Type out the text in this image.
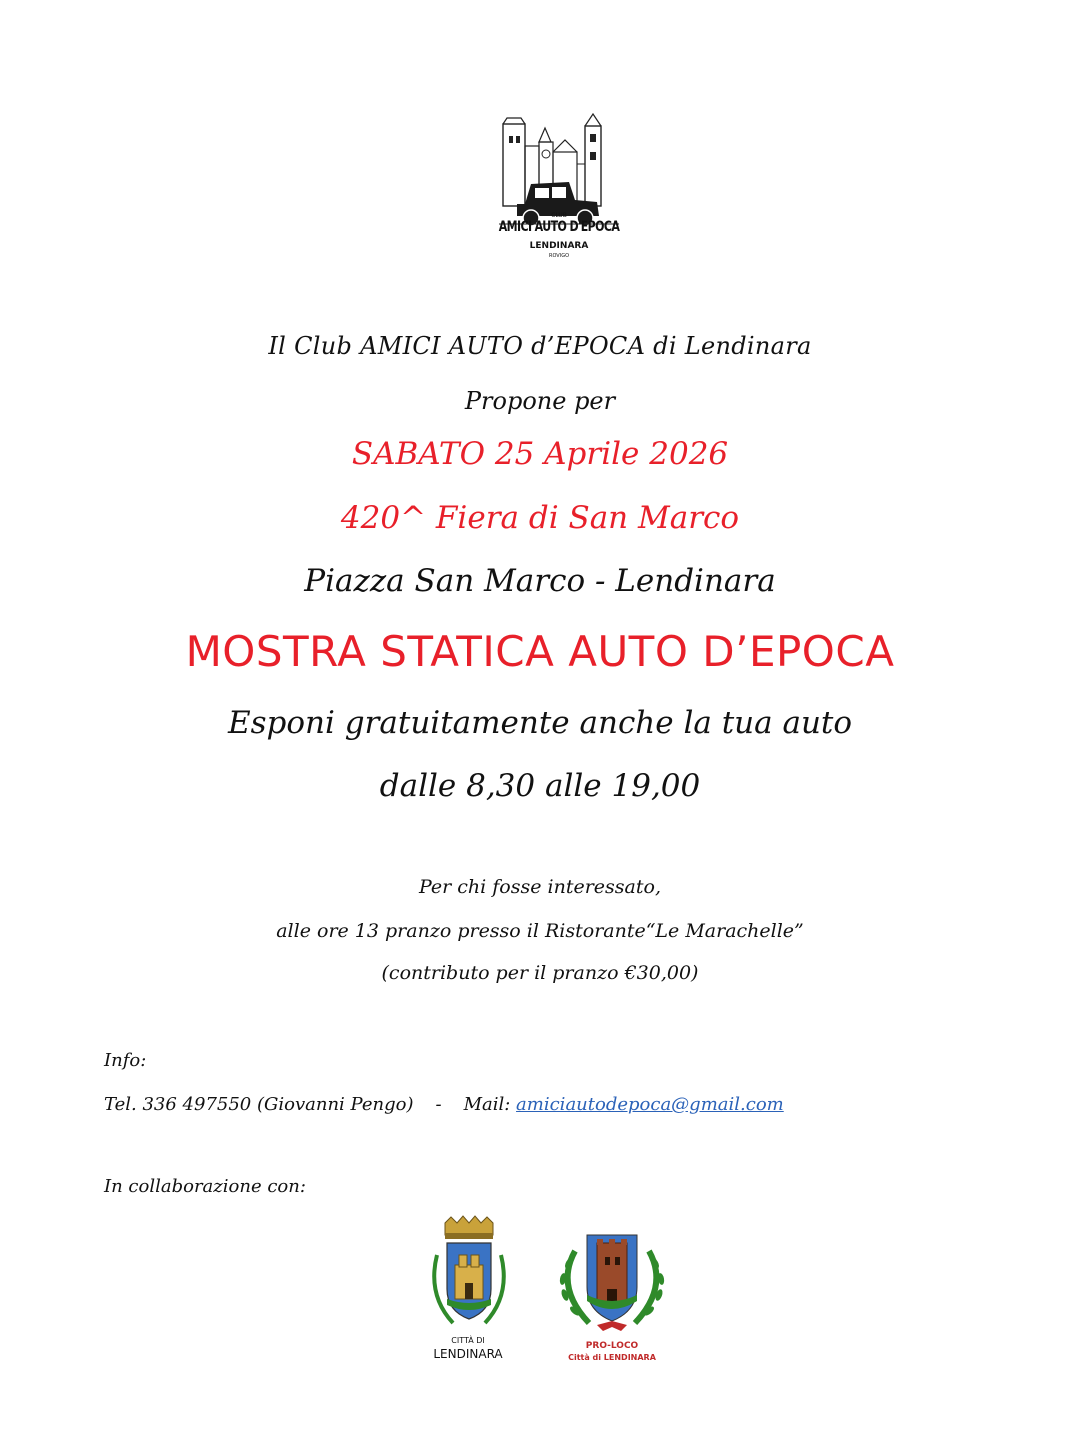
CLUB
AMICI AUTO D'EPOCA
LENDINARA
ROVIGO
Il Club AMICI AUTO d’EPOCA di Lendinara
Propone per
SABATO 25 Aprile 2026
420^ Fiera di San Marco
Piazza San Marco - Lendinara
MOSTRA STATICA AUTO D’EPOCA
Esponi gratuitamente anche la tua auto
dalle 8,30 alle 19,00
Per chi fosse interessato,
alle ore 13 pranzo presso il Ristorante“Le Marachelle”
(contributo per il pranzo €30,00)
Info:
Tel. 336 497550 (Giovanni Pengo) - Mail: amiciautodepoca@gmail.com
In collaborazione con:
CITTÀ DI
LENDINARA
PRO-LOCO
Città di LENDINARA
